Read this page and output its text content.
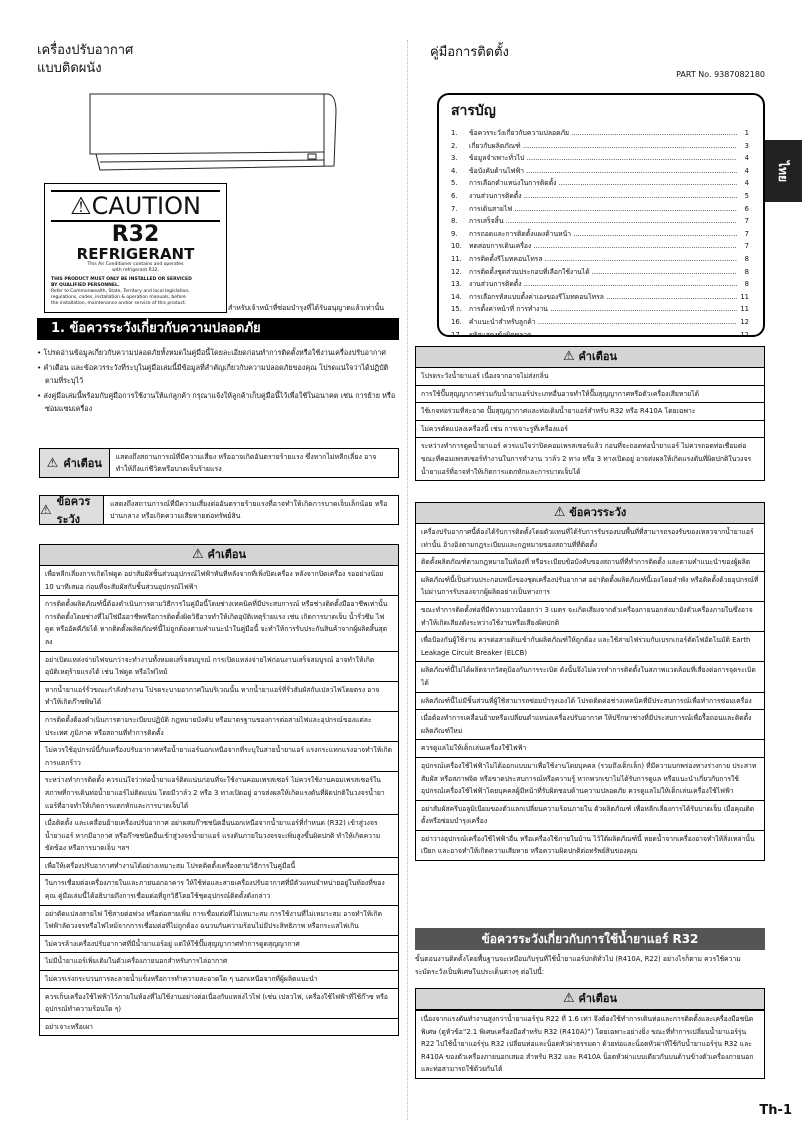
เครื่องปรับอากาศ
แบบติดผนัง
⚠CAUTION
R32
REFRIGERANT
This Air Conditioner contains and operates
with refrigerant R32.
THIS PRODUCT MUST ONLY BE INSTALLED OR SERVICED
BY QUALIFIED PERSONNEL.
Refer to Commonwealth, State, Territory and local legislation,
regulations, codes, installation & operation manuals, before
the installation, maintenance and/or service of this product.
สำหรับเจ้าหน้าที่ซ่อมบำรุงที่ได้รับอนุญาตแล้วเท่านั้น
1. ข้อควรระวังเกี่ยวกับความปลอดภัย
• โปรดอ่านข้อมูลเกี่ยวกับความปลอดภัยทั้งหมดในคู่มือนี้โดยละเอียดก่อนทำการติดตั้งหรือใช้งานเครื่องปรับอากาศ
• คำเตือน และข้อควรระวังที่ระบุในคู่มือเล่มนี้มีข้อมูลที่สำคัญเกี่ยวกับความปลอดภัยของคุณ โปรดแน่ใจว่าได้ปฏิบัติตามที่ระบุไว้
• ส่งคู่มือเล่มนี้พร้อมกับคู่มือการใช้งานให้แก่ลูกค้า กรุณาแจ้งให้ลูกค้าเก็บคู่มือนี้ไว้เพื่อใช้ในอนาคต เช่น การย้าย หรือซ่อมแซมเครื่อง
⚠ คำเตือน	แสดงถึงสถานการณ์ที่มีความเสี่ยง หรืออาจเกิดอันตรายร้ายแรง ซึ่งหากไม่หลีกเลี่ยง อาจทำให้ถึงแก่ชีวิตหรือบาดเจ็บร้ายแรง
⚠
ข้อควรระวัง
แสดงถึงสถานการณ์ที่มีความเสี่ยงต่ออันตรายร้ายแรงที่อาจทำให้เกิดการบาดเจ็บเล็กน้อย หรือปานกลาง หรือเกิดความเสียหายต่อทรัพย์สิน
⚠ คำเตือน
เพื่อหลีกเลี่ยงการเกิดไฟดูด อย่าสัมผัสชิ้นส่วนอุปกรณ์ไฟฟ้าทันทีหลังจากที่เพิ่งปิดเครื่อง หลังจากปิดเครื่อง รออย่างน้อย 10 นาทีเสมอ ก่อนที่จะสัมผัสกับชิ้นส่วนอุปกรณ์ไฟฟ้า
การติดตั้งผลิตภัณฑ์นี้ต้องดำเนินการตามวิธีการในคู่มือนี้โดยช่างเทคนิคที่มีประสบการณ์ หรือช่างติดตั้งมืออาชีพเท่านั้น การติดตั้งโดยช่างที่ไม่ใช่มืออาชีพหรือการติดตั้งผิดวิธีอาจทำให้เกิดอุบัติเหตุร้ายแรง เช่น เกิดการบาดเจ็บ น้ำรั่วซึม ไฟดูด หรืออัคคีภัยได้ หากติดตั้งผลิตภัณฑ์นี้ไม่ถูกต้องตามคำแนะนำในคู่มือนี้ จะทำให้การรับประกันสินค้าจากผู้ผลิตสิ้นสุดลง
อย่าเปิดแหล่งจ่ายไฟจนกว่าจะทำงานทั้งหมดเสร็จสมบูรณ์ การเปิดแหล่งจ่ายไฟก่อนงานเสร็จสมบูรณ์ อาจทำให้เกิดอุบัติเหตุร้ายแรงได้ เช่น ไฟดูด หรือไฟไหม้
หากน้ำยาแอร์รั่วขณะกำลังทำงาน โปรดระบายอากาศในบริเวณนั้น หากน้ำยาแอร์ที่รั่วสัมผัสกับเปลวไฟโดยตรง อาจทำให้เกิดก๊าซพิษได้
การติดตั้งต้องดำเนินการตามระเบียบปฏิบัติ กฎหมายบังคับ หรือมาตรฐานของการต่อสายไฟและอุปกรณ์ของแต่ละประเทศ ภูมิภาค หรือสถานที่ทำการติดตั้ง
ไม่ควรใช้อุปกรณ์นี้กับเครื่องปรับอากาศหรือน้ำยาแอร์นอกเหนือจากที่ระบุในสายน้ำยาแอร์ แรงกระแทกแรงอาจทำให้เกิดการแตกร้าว
ระหว่างทำการติดตั้ง ควรแน่ใจว่าท่อน้ำยาแอร์ติดแน่นก่อนที่จะใช้งานคอมเพรสเซอร์ ไม่ควรใช้งานคอมเพรสเซอร์ในสภาพที่การเดินท่อน้ำยาแอร์ไม่ติดแน่น โดยมีวาล์ว 2 หรือ 3 ทางเปิดอยู่ อาจส่งผลให้เกิดแรงดันที่ผิดปกติในวงจรน้ำยาแอร์ที่อาจทำให้เกิดการแตกหักและการบาดเจ็บได้
เมื่อติดตั้ง และเคลื่อนย้ายเครื่องปรับอากาศ อย่าผสมก๊าซชนิดอื่นนอกเหนือจากน้ำยาแอร์ที่กำหนด (R32) เข้าสู่วงจรน้ำยาแอร์ หากมีอากาศ หรือก๊าซชนิดอื่นเข้าสู่วงจรน้ำยาแอร์ แรงดันภายในวงจรจะเพิ่มสูงขึ้นผิดปกติ ทำให้เกิดความขัดข้อง หรือการบาดเจ็บ ฯลฯ
เพื่อให้เครื่องปรับอากาศทำงานได้อย่างเหมาะสม โปรดติดตั้งเครื่องตามวิธีการในคู่มือนี้
ในการเชื่อมต่อเครื่องภายในและภายนอกอาคาร ให้ใช้ท่อและสายเครื่องปรับอากาศที่มีตัวแทนจำหน่ายอยู่ในท้องที่ของคุณ คู่มือเล่มนี้ได้อธิบายถึงการเชื่อมต่อที่ถูกวิธีโดยใช้ชุดอุปกรณ์ติดตั้งดังกล่าว
อย่าดัดแปลงสายไฟ ใช้สายต่อพ่วง หรือต่อสายเพิ่ม การเชื่อมต่อที่ไม่เหมาะสม การใช้งานที่ไม่เหมาะสม อาจทำให้เกิดไฟฟ้าลัดวงจรหรือไฟไหม้จากการเชื่อมต่อที่ไม่ถูกต้อง ฉนวนกันความร้อนไม่มีประสิทธิภาพ หรือกระแสไฟเกิน
ไม่ควรล้างเครื่องปรับอากาศที่มีน้ำยาแอร์อยู่ แต่ให้ใช้ปั๊มสุญญากาศทำการดูดสุญญากาศ
ไม่มีน้ำยาแอร์เพิ่มเติมในตัวเครื่องภายนอกสำหรับการไล่อากาศ
ไม่ควรเร่งกระบวนการละลายน้ำแข็งหรือการทำความสะอาดใด ๆ นอกเหนือจากที่ผู้ผลิตแนะนำ
ควรเก็บเครื่องใช้ไฟฟ้าไว้ภายในห้องที่ไม่ใช้งานอย่างต่อเนื่องกับแหล่งไวไฟ (เช่น เปลวไฟ, เครื่องใช้ไฟฟ้าที่ใช้ก๊าซ หรือ อุปกรณ์ทำความร้อนใด ๆ)
อย่าเจาะหรือเผา
คู่มือการติดตั้ง
PART No. 9387082180
ไทย
สารบัญ
1.	ข้อควรระวังเกี่ยวกับความปลอดภัย .....	1
2.	เกี่ยวกับผลิตภัณฑ์ .....	3
3.	ข้อมูลจำเพาะทั่วไป .....	4
4.	ข้อบังคับด้านไฟฟ้า .....	4
5.	การเลือกตำแหน่งในการติดตั้ง .....	4
6.	งานส่วนการติดตั้ง .....	5
7.	การเดินสายไฟ .....	6
8.	การเสร็จสิ้น .....	7
9.	การถอดและการติดตั้งแผงด้านหน้า .....	7
10.	ทดสอบการเดินเครื่อง .....	7
11.	การติดตั้งรีโมทคอนโทรล .....	8
12.	การติดตั้งชุดส่วนประกอบที่เลือกใช้งานได้ .....	8
13.	งานส่วนการติดตั้ง .....	8
14.	การเลือกรหัสแบบตั้งค่าเองของรีโมทคอนโทรล .....	11
15.	การตั้งค่าหน้าที่ การทำงาน .....	11
16.	คำแนะนำสำหรับลูกค้า .....	12
17.	รหัสแสดงข้อผิดพลาด .....	12
⚠ คำเตือน
โปรดระวังน้ำยาแอร์ เนื่องจากอาจไม่ส่งกลิ่น
การใช้ปั๊มสุญญากาศร่วมกับน้ำยาแอร์ประเภทอื่นอาจทำให้ปั๊มสุญญากาศหรือตัวเครื่องเสียหายได้
ใช้เกจท่อร่วมที่สะอาด ปั๊มสุญญากาศและท่อเติมน้ำยาแอร์สำหรับ R32 หรือ R410A โดยเฉพาะ
ไม่ควรดัดแปลงเครื่องนี้ เช่น การเจาะรูที่เครื่องแอร์
ระหว่างทำการดูดน้ำยาแอร์ ควรแน่ใจว่าปิดคอมเพรสเซอร์แล้ว ก่อนที่จะถอดท่อน้ำยาแอร์ ไม่ควรถอดท่อเชื่อมต่อขณะที่คอมเพรสเซอร์ทำงานในการทำงาน วาล์ว 2 ทาง หรือ 3 ทางเปิดอยู่ อาจส่งผลให้เกิดแรงดันที่ผิดปกติในวงจรน้ำยาแอร์ที่อาจทำให้เกิดการแตกหักและการบาดเจ็บได้
⚠ ข้อควรระวัง
เครื่องปรับอากาศนี้ต้องได้รับการติดตั้งโดยตัวแทนที่ได้รับการรับรองบนพื้นที่ที่สามารถรองรับของเหลวจากน้ำยาแอร์เท่านั้น อ้างอิงตามกฎระเบียบและกฎหมายของสถานที่ที่ติดตั้ง
ติดตั้งผลิตภัณฑ์ตามกฎหมายในท้องที่ หรือระเบียบข้อบังคับของสถานที่ที่ทำการติดตั้ง และตามคำแนะนำของผู้ผลิต
ผลิตภัณฑ์นี้เป็นส่วนประกอบหนึ่งของชุดเครื่องปรับอากาศ อย่าติดตั้งผลิตภัณฑ์นี้เองโดยลำพัง หรือติดตั้งด้วยอุปกรณ์ที่ไม่ผ่านการรับรองจากผู้ผลิตอย่างเป็นทางการ
ขณะทำการติดตั้งท่อที่มีความยาวน้อยกว่า 3 เมตร จะเกิดเสียงจากตัวเครื่องภายนอกส่งมายังตัวเครื่องภายในซึ่งอาจทำให้เกิดเสียงดังระหว่างใช้งานหรือเสียงผิดปกติ
เพื่อป้องกันผู้ใช้งาน ควรต่อสายดินเข้ากับผลิตภัณฑ์ให้ถูกต้อง และใช้สายไฟร่วมกับเบรกเกอร์ตัดไฟอัตโนมัติ Earth Leakage Circuit Breaker (ELCB)
ผลิตภัณฑ์นี้ไม่ได้ผลิตจากวัสดุป้องกันการระเบิด ดังนั้นจึงไม่ควรทำการติดตั้งในสภาพแวดล้อมที่เสี่ยงต่อการจุดระเบิดได้
ผลิตภัณฑ์นี้ไม่มีชิ้นส่วนที่ผู้ใช้สามารถซ่อมบำรุงเองได้ โปรดติดต่อช่างเทคนิคที่มีประสบการณ์เพื่อทำการซ่อมเครื่อง
เมื่อต้องทำการเคลื่อนย้ายหรือเปลี่ยนตำแหน่งเครื่องปรับอากาศ ให้ปรึกษาช่างที่มีประสบการณ์เพื่อรื้อถอนและติดตั้งผลิตภัณฑ์ใหม่
ควรดูแลไม่ให้เด็กเล่นเครื่องใช้ไฟฟ้า
อุปกรณ์เครื่องใช้ไฟฟ้าไม่ได้ออกแบบมาเพื่อใช้งานโดยบุคคล (รวมถึงเด็กเล็ก) ที่มีความบกพร่องทางร่างกาย ประสาทสัมผัส หรือสภาพจิต หรือขาดประสบการณ์หรือความรู้ หากพวกเขาไม่ได้รับการดูแล หรือแนะนำเกี่ยวกับการใช้อุปกรณ์เครื่องใช้ไฟฟ้าโดยบุคคลผู้มีหน้าที่รับผิดชอบด้านความปลอดภัย ควรดูแลไม่ให้เด็กเล่นเครื่องใช้ไฟฟ้า
อย่าสัมผัสครีบอลูมิเนียมของตัวแลกเปลี่ยนความร้อนภายใน ตัวผลิตภัณฑ์ เพื่อหลีกเลี่ยงการได้รับบาดเจ็บ เมื่อคุณติดตั้งหรือซ่อมบำรุงเครื่อง
อย่าวางอุปกรณ์เครื่องใช้ไฟฟ้าอื่น หรือเครื่องใช้ภายในบ้าน ไว้ใต้ผลิตภัณฑ์นี้ หยดน้ำจากเครื่องอาจทำให้สิ่งเหล่านั้นเปียก และอาจทำให้เกิดความเสียหาย หรือความผิดปกติต่อทรัพย์สินของคุณ
ข้อควรระวังเกี่ยวกับการใช้น้ำยาแอร์ R32
ขั้นตอนงานติดตั้งโดยพื้นฐานจะเหมือนกับรุ่นที่ใช้น้ำยาแอร์ปกติทั่วไป (R410A, R22) อย่างไรก็ตาม ควรใช้ความระมัดระวังเป็นพิเศษในประเด็นต่างๆ ต่อไปนี้:
⚠ คำเตือน
เนื่องจากแรงดันทำงานสูงกว่าน้ำยาแอร์รุ่น R22 ที่ 1.6 เท่า จึงต้องใช้ทำการเดินท่อและการติดตั้งและเครื่องมือชนิดพิเศษ (ดูหัวข้อ“2.1 พิเศษเครื่องมือสำหรับ R32 (R410A)”) โดยเฉพาะอย่างยิ่ง ขณะที่ทำการเปลี่ยนน้ำยาแอร์รุ่น R22 ไปใช้น้ำยาแอร์รุ่น R32 เปลี่ยนท่อและน็อตหัวผ่าธรรมดา ด้วยท่อและน็อตหัวผ่าที่ใช้กับน้ำยาแอร์รุ่น R32 และ R410A ของตัวเครื่องภายนอกเสมอ สำหรับ R32 และ R410A น็อตหัวผ่าแบบเดียวกันบนด้านข้างตัวเครื่องภายนอกและท่อสามารถใช้ด้วยกันได้
Th-1
